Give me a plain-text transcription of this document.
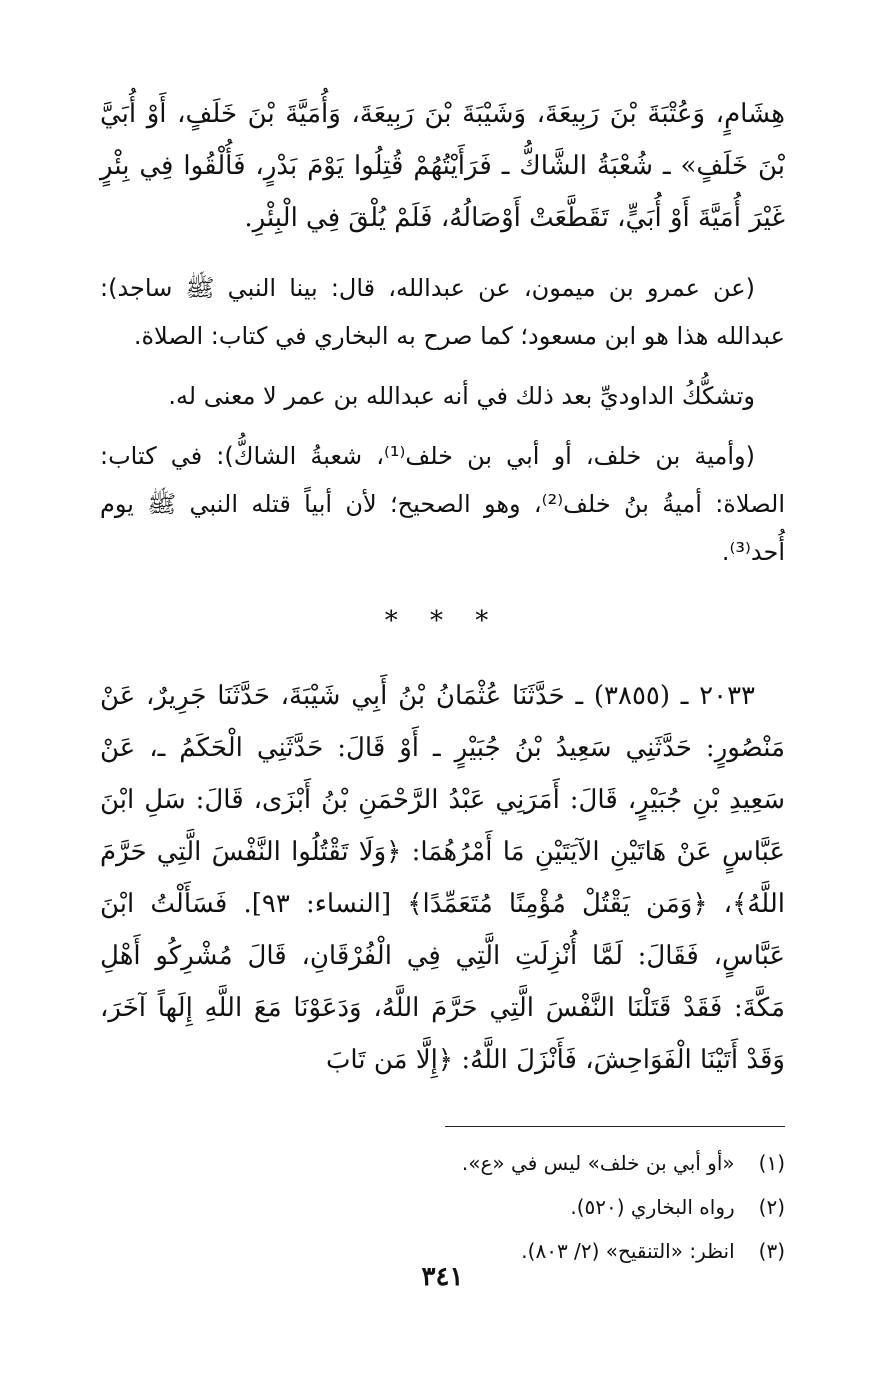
هِشَامٍ، وَعُتْبَةَ بْنَ رَبِيعَةَ، وَشَيْبَةَ بْنَ رَبِيعَةَ، وَأُمَيَّةَ بْنَ خَلَفٍ، أَوْ أُبَيَّ بْنَ خَلَفٍ» ـ شُعْبَةُ الشَّاكُّ ـ فَرَأَيْتُهُمْ قُتِلُوا يَوْمَ بَدْرٍ، فَأُلْقُوا فِي بِئْرٍ غَيْرَ أُمَيَّةَ أَوْ أُبَيٍّ، تَقَطَّعَتْ أَوْصَالُهُ، فَلَمْ يُلْقَ فِي الْبِئْرِ.

(عن عمرو بن ميمون، عن عبدالله، قال: بينا النبي ﷺ ساجد): عبدالله هذا هو ابن مسعود؛ كما صرح به البخاري في كتاب: الصلاة.

وتشكُّكُ الداوديِّ بعد ذلك في أنه عبدالله بن عمر لا معنى له.

(وأمية بن خلف، أو أبي بن خلف⁽¹⁾، شعبةُ الشاكُّ): في كتاب: الصلاة: أميةُ بنُ خلف⁽²⁾، وهو الصحيح؛ لأن أبياً قتله النبي ﷺ يوم أُحد⁽³⁾.

* * *

٢٠٣٣ ـ (٣٨٥٥) ـ حَدَّثَنَا عُثْمَانُ بْنُ أَبِي شَيْبَةَ، حَدَّثَنَا جَرِيرٌ، عَنْ مَنْصُورٍ: حَدَّثَنِي سَعِيدُ بْنُ جُبَيْرٍ ـ أَوْ قَالَ: حَدَّثَنِي الْحَكَمُ ـ، عَنْ سَعِيدِ بْنِ جُبَيْرٍ، قَالَ: أَمَرَنِي عَبْدُ الرَّحْمَنِ بْنُ أَبْزَى، قَالَ: سَلِ ابْنَ عَبَّاسٍ عَنْ هَاتَيْنِ الآيَتَيْنِ مَا أَمْرُهُمَا: ﴿وَلَا تَقْتُلُوا النَّفْسَ الَّتِي حَرَّمَ اللَّهُ﴾، ﴿وَمَن يَقْتُلْ مُؤْمِنًا مُتَعَمِّدًا﴾ [النساء: ٩٣]. فَسَأَلْتُ ابْنَ عَبَّاسٍ، فَقَالَ: لَمَّا أُنْزِلَتِ الَّتِي فِي الْفُرْقَانِ، قَالَ مُشْرِكُو أَهْلِ مَكَّةَ: فَقَدْ قَتَلْنَا النَّفْسَ الَّتِي حَرَّمَ اللَّهُ، وَدَعَوْنَا مَعَ اللَّهِ إِلَهاً آخَرَ، وَقَدْ أَتَيْنَا الْفَوَاحِشَ، فَأَنْزَلَ اللَّهُ: ﴿إِلَّا مَن تَابَ

(١) «أو أبي بن خلف» ليس في «ع».
(٢) رواه البخاري (٥٢٠).
(٣) انظر: «التنقيح» (٢/ ٨٠٣).
٣٤١
